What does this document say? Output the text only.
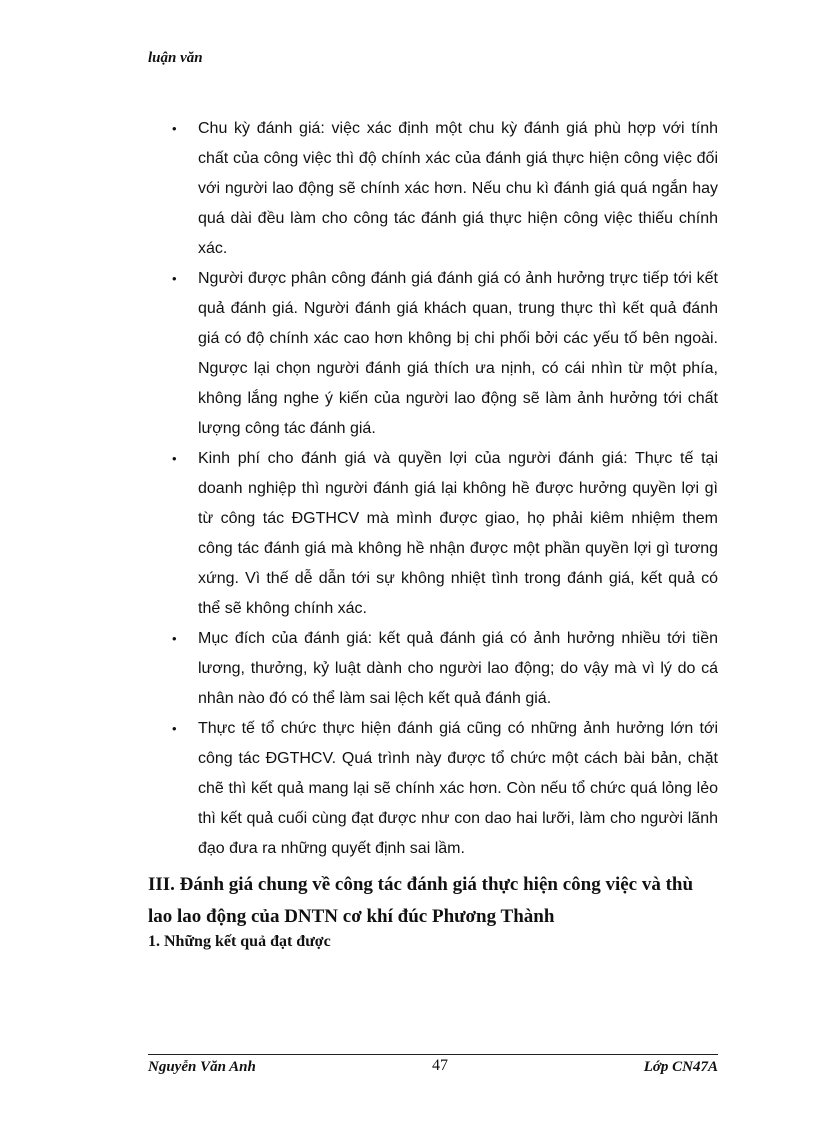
luận văn
• Chu kỳ đánh giá: việc xác định một chu kỳ đánh giá phù hợp với tính chất của công việc thì độ chính xác của đánh giá thực hiện công việc đối với người lao động sẽ chính xác hơn. Nếu chu kì đánh giá quá ngắn hay quá dài đều làm cho công tác đánh giá thực hiện công việc thiếu chính xác.
• Người được phân công đánh giá đánh giá có ảnh hưởng trực tiếp tới kết quả đánh giá. Người đánh giá khách quan, trung thực thì kết quả đánh giá có độ chính xác cao hơn không bị chi phối bởi các yếu tố bên ngoài. Ngược lại chọn người đánh giá thích ưa nịnh, có cái nhìn từ một phía, không lắng nghe ý kiến của người lao động sẽ làm ảnh hưởng tới chất lượng công tác đánh giá.
• Kinh phí cho đánh giá và quyền lợi của người đánh giá: Thực tế tại doanh nghiệp thì người đánh giá lại không hề được hưởng quyền lợi gì từ công tác ĐGTHCV mà mình được giao, họ phải kiêm nhiệm them công tác đánh giá mà không hề nhận được một phần quyền lợi gì tương xứng. Vì thế dễ dẫn tới sự không nhiệt tình trong đánh giá, kết quả có thể sẽ không chính xác.
• Mục đích của đánh giá: kết quả đánh giá có ảnh hưởng nhiều tới tiền lương, thưởng, kỷ luật dành cho người lao động; do vậy mà vì lý do cá nhân nào đó có thể làm sai lệch kết quả đánh giá.
• Thực tế tổ chức thực hiện đánh giá cũng có những ảnh hưởng lớn tới công tác ĐGTHCV. Quá trình này được tổ chức một cách bài bản, chặt chẽ thì kết quả mang lại sẽ chính xác hơn. Còn nếu tổ chức quá lỏng lẻo thì kết quả cuối cùng đạt được như con dao hai lưỡi, làm cho người lãnh đạo đưa ra những quyết định sai lầm.
III. Đánh giá chung về công tác đánh giá thực hiện công việc và thù lao lao động của DNTN cơ khí đúc Phương Thành
1. Những kết quả đạt được
Nguyễn Văn Anh	47	Lớp CN47A
